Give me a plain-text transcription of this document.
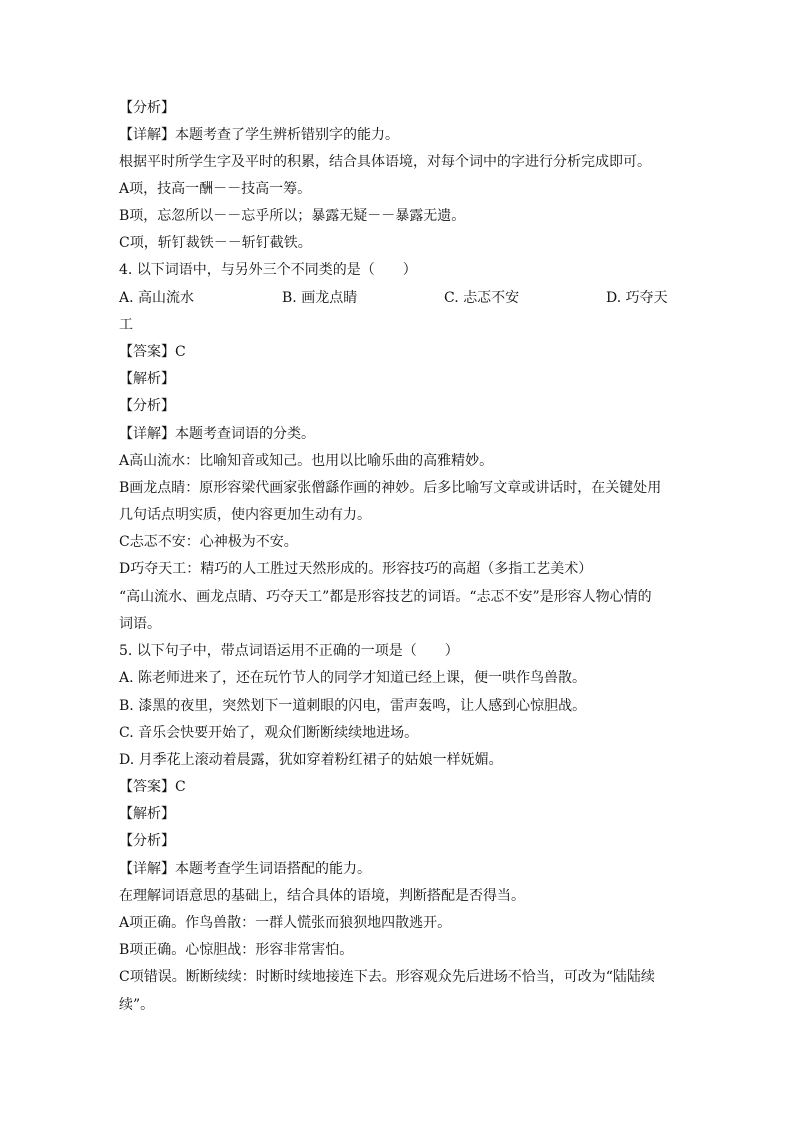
【分析】
【详解】本题考查了学生辨析错别字的能力。
根据平时所学生字及平时的积累，结合具体语境，对每个词中的字进行分析完成即可。
A项，技高一酬－－技高一筹。
B项，忘忽所以－－忘乎所以；暴露无疑－－暴露无遗。
C项，斩钉裁铁－－斩钉截铁。
4. 以下词语中，与另外三个不同类的是（　　）
A. 高山流水	B. 画龙点睛	C. 忐忑不安	D. 巧夺天
工
【答案】C
【解析】
【分析】
【详解】本题考查词语的分类。
A高山流水：比喻知音或知己。也用以比喻乐曲的高雅精妙。
B画龙点睛：原形容梁代画家张僧繇作画的神妙。后多比喻写文章或讲话时，在关键处用
几句话点明实质，使内容更加生动有力。
C忐忑不安：心神极为不安。
D巧夺天工：精巧的人工胜过天然形成的。形容技巧的高超（多指工艺美术）
“高山流水、画龙点睛、巧夺天工”都是形容技艺的词语。“忐忑不安”是形容人物心情的
词语。
5. 以下句子中，带点词语运用不正确的一项是（　　）
A. 陈老师进来了，还在玩竹节人的同学才知道已经上课，便一哄作鸟兽散。
B. 漆黑的夜里，突然划下一道刺眼的闪电，雷声轰鸣，让人感到心惊胆战。
C. 音乐会快要开始了，观众们断断续续地进场。
D. 月季花上滚动着晨露，犹如穿着粉红裙子的姑娘一样妩媚。
【答案】C
【解析】
【分析】
【详解】本题考查学生词语搭配的能力。
在理解词语意思的基础上，结合具体的语境，判断搭配是否得当。
A项正确。作鸟兽散：一群人慌张而狼狈地四散逃开。
B项正确。心惊胆战：形容非常害怕。
C项错误。断断续续：时断时续地接连下去。形容观众先后进场不恰当，可改为“陆陆续
续”。
